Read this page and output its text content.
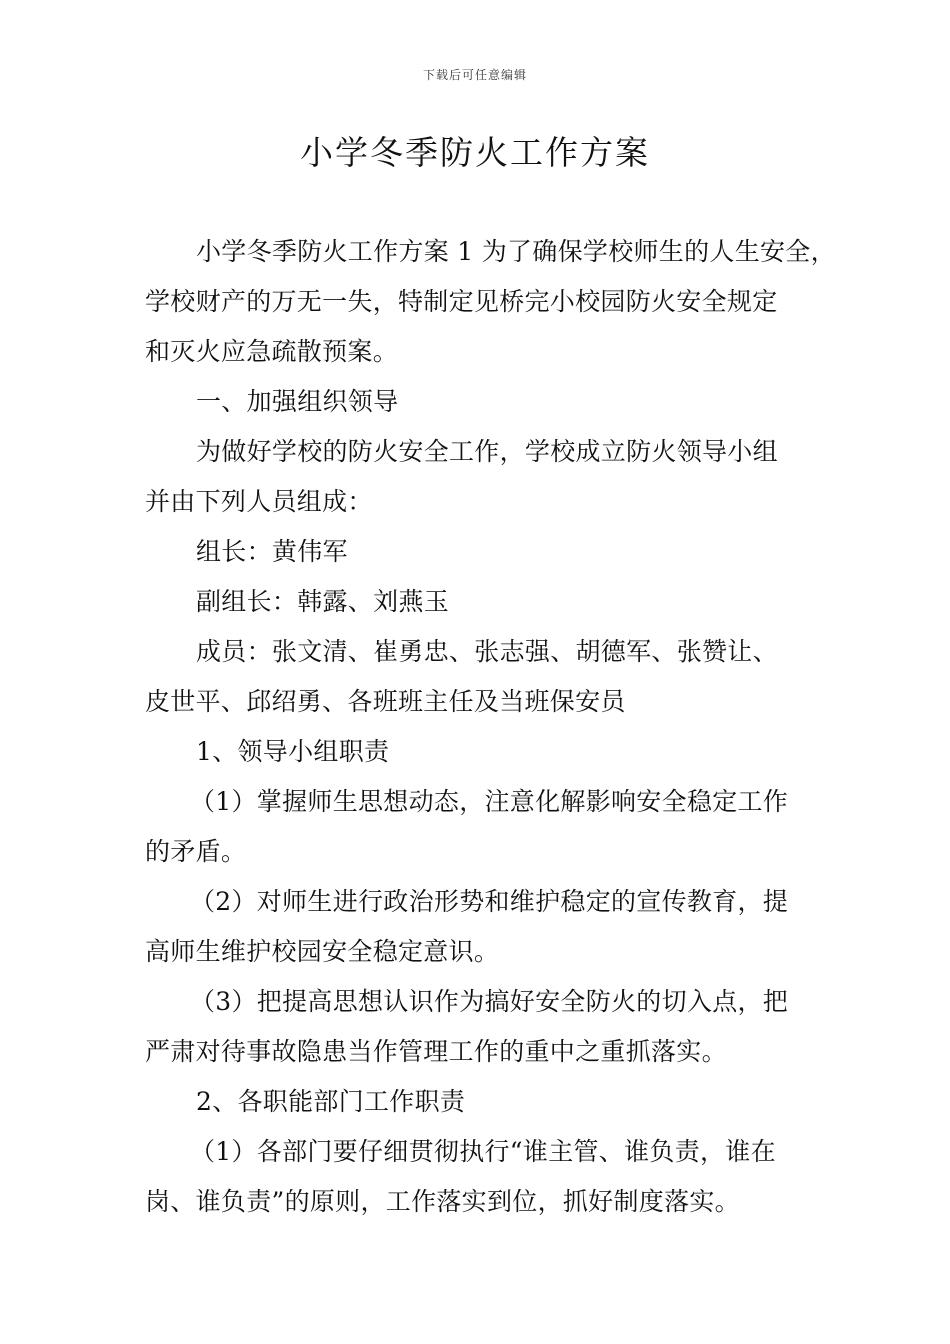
下载后可任意编辑
小学冬季防火工作方案
小学冬季防火工作方案 1 为了确保学校师生的人生安全，
学校财产的万无一失，特制定见桥完小校园防火安全规定
和灭火应急疏散预案。
一、加强组织领导
为做好学校的防火安全工作，学校成立防火领导小组
并由下列人员组成：
组长：黄伟军
副组长：韩露、刘燕玉
成员：张文清、崔勇忠、张志强、胡德军、张赞让、
皮世平、邱绍勇、各班班主任及当班保安员
1、领导小组职责
（1）掌握师生思想动态，注意化解影响安全稳定工作
的矛盾。
（2）对师生进行政治形势和维护稳定的宣传教育，提
高师生维护校园安全稳定意识。
（3）把提高思想认识作为搞好安全防火的切入点，把
严肃对待事故隐患当作管理工作的重中之重抓落实。
2、各职能部门工作职责
（1）各部门要仔细贯彻执行“谁主管、谁负责，谁在
岗、谁负责”的原则，工作落实到位，抓好制度落实。
